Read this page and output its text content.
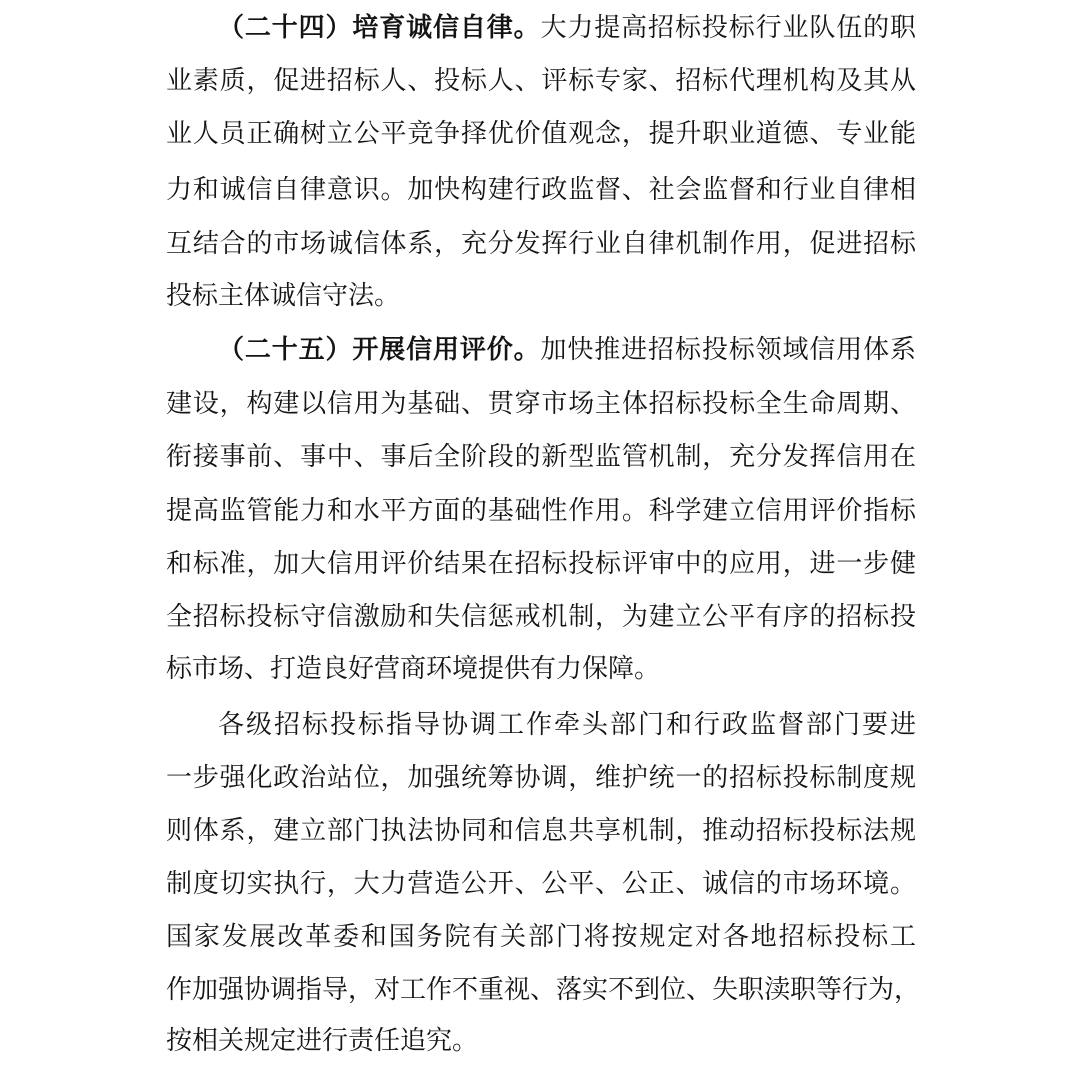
（二十四）培育诚信自律。大力提高招标投标行业队伍的职
业素质，促进招标人、投标人、评标专家、招标代理机构及其从
业人员正确树立公平竞争择优价值观念，提升职业道德、专业能
力和诚信自律意识。加快构建行政监督、社会监督和行业自律相
互结合的市场诚信体系，充分发挥行业自律机制作用，促进招标
投标主体诚信守法。
（二十五）开展信用评价。加快推进招标投标领域信用体系
建设，构建以信用为基础、贯穿市场主体招标投标全生命周期、
衔接事前、事中、事后全阶段的新型监管机制，充分发挥信用在
提高监管能力和水平方面的基础性作用。科学建立信用评价指标
和标准，加大信用评价结果在招标投标评审中的应用，进一步健
全招标投标守信激励和失信惩戒机制，为建立公平有序的招标投
标市场、打造良好营商环境提供有力保障。
各级招标投标指导协调工作牵头部门和行政监督部门要进
一步强化政治站位，加强统筹协调，维护统一的招标投标制度规
则体系，建立部门执法协同和信息共享机制，推动招标投标法规
制度切实执行，大力营造公开、公平、公正、诚信的市场环境。
国家发展改革委和国务院有关部门将按规定对各地招标投标工
作加强协调指导，对工作不重视、落实不到位、失职渎职等行为，
按相关规定进行责任追究。
